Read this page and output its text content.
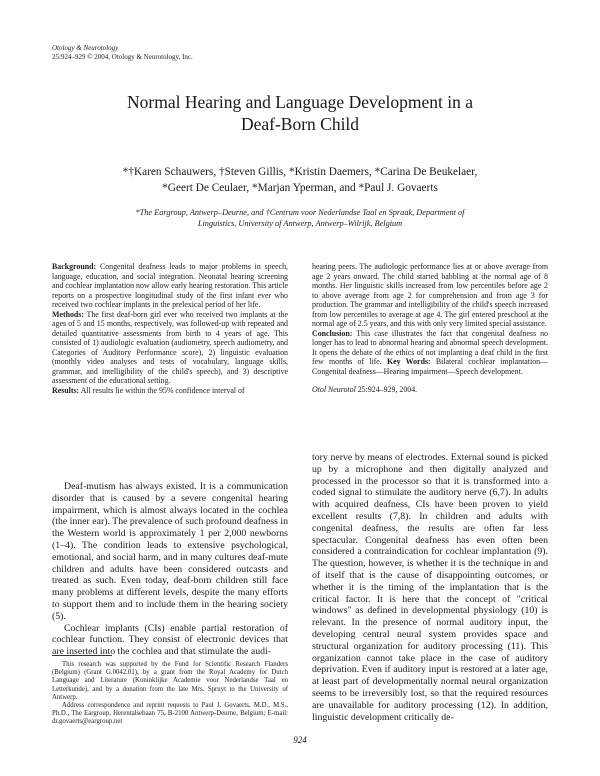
Otology & Neurotology
25:924–929 © 2004, Otology & Neurotology, Inc.
Normal Hearing and Language Development in a
Deaf-Born Child
*†Karen Schauwers, †Steven Gillis, *Kristin Daemers, *Carina De Beukelaer,
*Geert De Ceulaer, *Marjan Yperman, and *Paul J. Govaerts
*The Eargroup, Antwerp–Deurne, and †Centrum voor Nederlandse Taal en Spraak, Department of
Linguistics, University of Antwerp, Antwerp–Wilrijk, Belgium

Background: Congenital deafness leads to major problems in speech, language, education, and social integration. Neonatal hearing screening and cochlear implantation now allow early hearing restoration. This article reports on a prospective longitudinal study of the first infant ever who received two cochlear implants in the prelexical period of her life.

Methods: The first deaf-born girl ever who received two implants at the ages of 5 and 15 months, respectively, was followed-up with repeated and detailed quantitative assessments from birth to 4 years of age. This consisted of 1) audiologic evaluation (audiometry, speech audiometry, and Categories of Auditory Performance score), 2) linguistic evaluation (monthly video analyses and tests of vocabulary, language skills, grammar, and intelligibility of the child's speech), and 3) descriptive assessment of the educational setting.

Results: All results lie within the 95% confidence interval of

hearing peers. The audiologic performance lies at or above average from age 2 years onward. The child started babbling at the normal age of 8 months. Her linguistic skills increased from low percentiles before age 2 to above average from age 2 for comprehension and from age 3 for production. The grammar and intelligibility of the child's speech increased from low percentiles to average at age 4. The girl entered preschool at the normal age of 2.5 years, and this with only very limited special assistance.

Conclusion: This case illustrates the fact that congenital deafness no longer has to lead to abnormal hearing and abnormal speech development. It opens the debate of the ethics of not implanting a deaf child in the first few months of life. Key Words: Bilateral cochlear implantation—Congenital deafness—Hearing impairment—Speech development.

Otol Neurotol 25:924–929, 2004.

Deaf-mutism has always existed. It is a communication disorder that is caused by a severe congenital hearing impairment, which is almost always located in the cochlea (the inner ear). The prevalence of such profound deafness in the Western world is approximately 1 per 2,000 newborns (1–4). The condition leads to extensive psychological, emotional, and social harm, and in many cultures deaf-mute children and adults have been considered outcasts and treated as such. Even today, deaf-born children still face many problems at different levels, despite the many efforts to support them and to include them in the hearing society (5).

Cochlear implants (CIs) enable partial restoration of cochlear function. They consist of electronic devices that are inserted into the cochlea and that stimulate the audi-

tory nerve by means of electrodes. External sound is picked up by a microphone and then digitally analyzed and processed in the processor so that it is transformed into a coded signal to stimulate the auditory nerve (6,7). In adults with acquired deafness, CIs have been proven to yield excellent results (7,8). In children and adults with congenital deafness, the results are often far less spectacular. Congenital deafness has even often been considered a contraindication for cochlear implantation (9). The question, however, is whether it is the technique in and of itself that is the cause of disappointing outcomes, or whether it is the timing of the implantation that is the critical factor. It is here that the concept of "critical windows" as defined in developmental physiology (10) is relevant. In the presence of normal auditory input, the developing central neural system provides space and structural organization for auditory processing (11). This organization cannot take place in the case of auditory deprivation. Even if auditory input is restored at a later age, at least part of developmentally normal neural organization seems to be irreversibly lost, so that the required resources are unavailable for auditory processing (12). In addition, linguistic development critically de-

This research was supported by the Fund for Scientific Research Flanders (Belgium) (Grant G.0042.01), by a grant from the Royal Academy for Dutch Language and Literature (Koninklijke Academie voor Nederlandse Taal en Letterkunde), and by a donation from the late Mrs. Spruyt to the University of Antwerp.

Address correspondence and reprint requests to Paul J. Govaerts, M.D., M.S., Ph.D., The Eargroup, Herentalsebaan 75, B-2100 Antwerp-Deurne, Belgium; E-mail: dr.govaerts@eargroup.net

924
